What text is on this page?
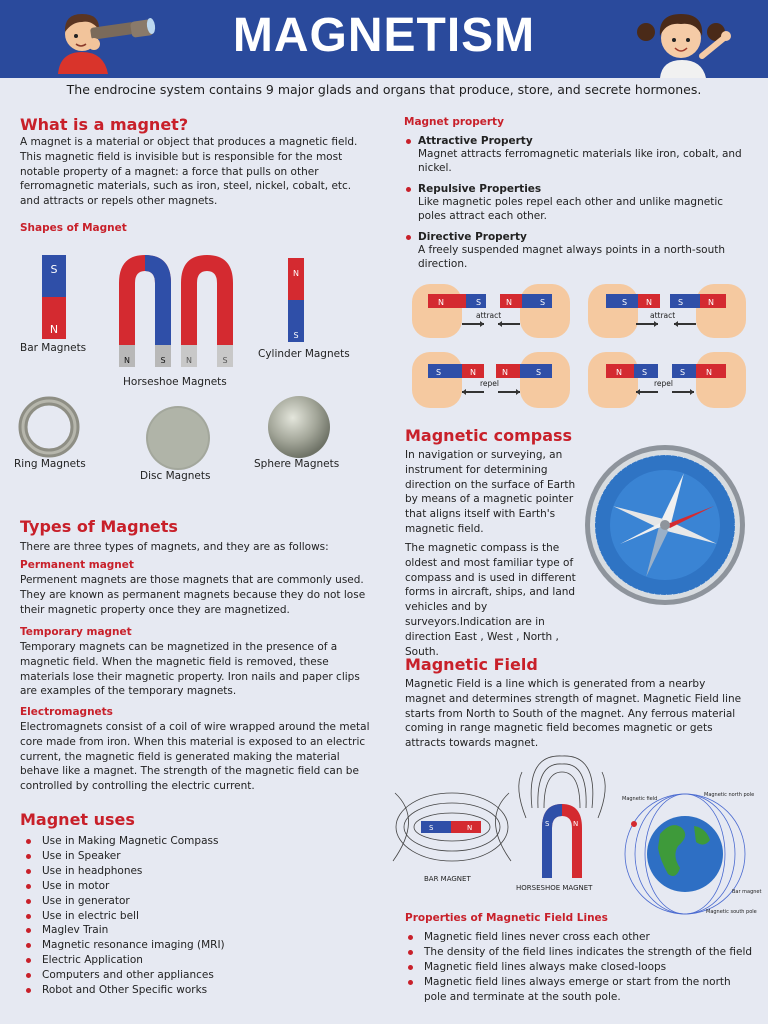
MAGNETISM
The endrocine system contains 9 major glads and organs that produce, store, and secrete hormones.
What is a magnet?
A magnet is a material or object that produces a magnetic field. This magnetic field is invisible but is responsible for the most notable property of a magnet: a force that pulls on other ferromagnetic materials, such as iron, steel, nickel, cobalt, etc. and attracts or repels other magnets.
Shapes of Magnet
S
N
Bar Magnets
N	S	N	S
Horseshoe Magnets
N
S
Cylinder Magnets
Ring Magnets
Disc Magnets
Sphere Magnets
Types of Magnets
There are three types of magnets, and they are as follows:
Permanent magnet
Permenent magnets are those magnets that are commonly used. They are known as permanent magnets because they do not lose their magnetic property once they are magnetized.
Temporary magnet
Temporary magnets can be magnetized in the presence of a magnetic field. When the magnetic field is removed, these materials lose their magnetic property. Iron nails and paper clips are examples of the temporary magnets.
Electromagnets
Electromagnets consist of a coil of wire wrapped around the metal core made from iron. When this material is exposed to an electric current, the magnetic field is generated making the material behave like a magnet. The strength of the magnetic field can be controlled by controlling the electric current.
Magnet uses
Use in Making Magnetic Compass
Use in Speaker
Use in headphones
Use in motor
Use in generator
Use in electric bell
Maglev Train
Magnetic resonance imaging (MRI)
Electric Application
Computers and other appliances
Robot and Other Specific works
Magnet property
Attractive Property
Magnet attracts ferromagnetic materials like iron, cobalt, and nickel.
Repulsive Properties
Like magnetic poles repel each other and unlike magnetic poles attract each other.
Directive Property
A freely suspended magnet always points in a north-south direction.
N	S	N	S
attract
S N	S	N
attract
S	N	N	S
repel
N	S	S	N
repel
Magnetic compass
In navigation or surveying, an instrument for determining direction on the surface of Earth by means of a magnetic pointer that aligns itself with Earth's magnetic field.
The magnetic compass is the oldest and most familiar type of compass and is used in different forms in aircraft, ships, and land vehicles and by surveyors.Indication are in direction East , West , North , South.
Magnetic Field
Magnetic Field is a line which is generated from a nearby magnet and determines strength of magnet. Magnetic Field line starts from North to South of the magnet. Any ferrous material coming in range magnetic field becomes magnetic or gets attracts towards magnet.
S	N
BAR MAGNET
S	N
HORSESHOE MAGNET
Magnetic field
Magnetic north pole
Bar magnet
Magnetic south pole
Properties of Magnetic Field Lines
Magnetic field lines never cross each other
The density of the field lines indicates the strength of the field
Magnetic field lines always make closed-loops
Magnetic field lines always emerge or start from the north pole and terminate at the south pole.
